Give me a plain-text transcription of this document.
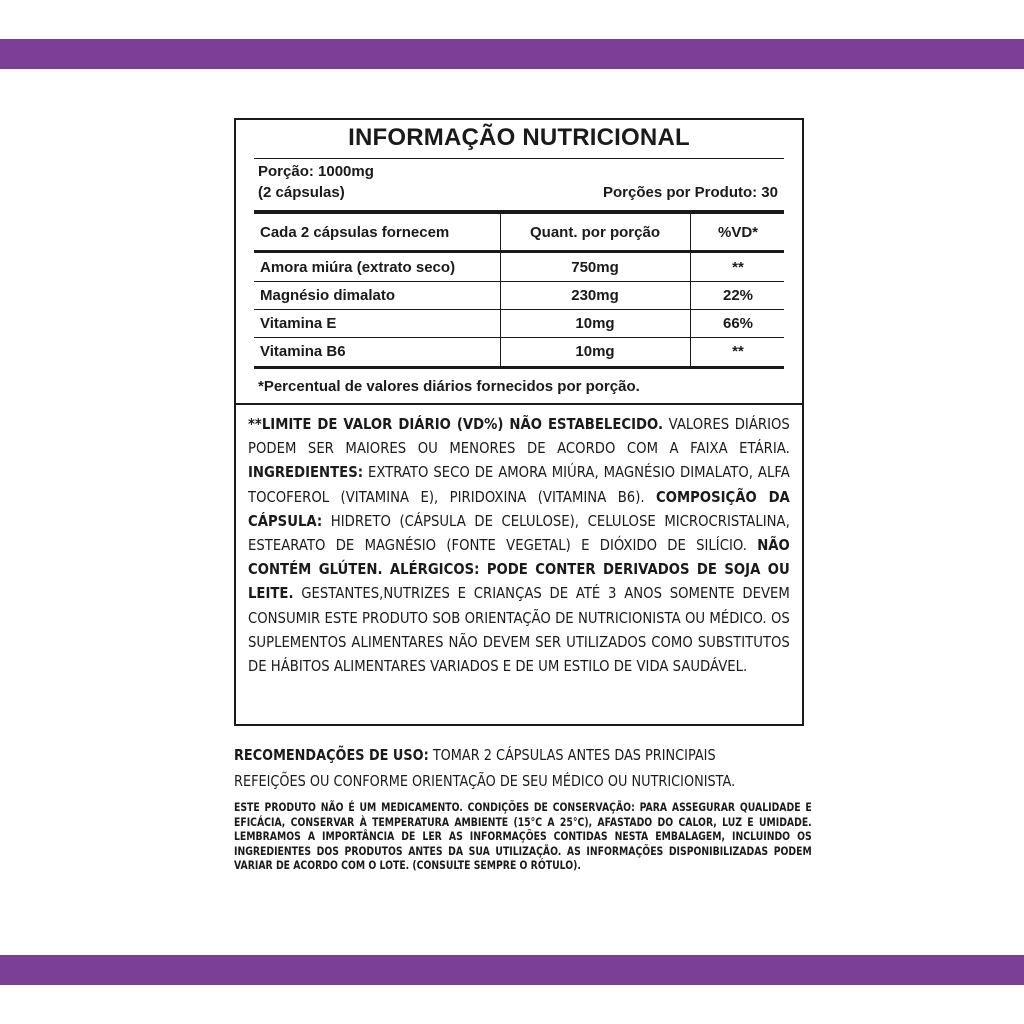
INFORMAÇÃO NUTRICIONAL
Porção: 1000mg
(2 cápsulas)	Porções por Produto: 30
Cada 2 cápsulas fornecem	Quant. por porção	%VD*
Amora miúra (extrato seco)	750mg	**
Magnésio dimalato	230mg	22%
Vitamina E	10mg	66%
Vitamina B6	10mg	**
*Percentual de valores diários fornecidos por porção.
**LIMITE DE VALOR DIÁRIO (VD%) NÃO ESTABELECIDO. VALORES DIÁRIOS PODEM SER MAIORES OU MENORES DE ACORDO COM A FAIXA ETÁRIA. INGREDIENTES: EXTRATO SECO DE AMORA MIÚRA, MAGNÉSIO DIMALATO, ALFA TOCOFEROL (VITAMINA E), PIRIDOXINA (VITAMINA B6). COMPOSIÇÃO DA CÁPSULA: HIDRETO (CÁPSULA DE CELULOSE), CELULOSE MICROCRISTALINA, ESTEARATO DE MAGNÉSIO (FONTE VEGETAL) E DIÓXIDO DE SILÍCIO. NÃO CONTÉM GLÚTEN. ALÉRGICOS: PODE CONTER DERIVADOS DE SOJA OU LEITE. GESTANTES,NUTRIZES E CRIANÇAS DE ATÉ 3 ANOS SOMENTE DEVEM CONSUMIR ESTE PRODUTO SOB ORIENTAÇÃO DE NUTRICIONISTA OU MÉDICO. OS SUPLEMENTOS ALIMENTARES NÃO DEVEM SER UTILIZADOS COMO SUBSTITUTOS DE HÁBITOS ALIMENTARES VARIADOS E DE UM ESTILO DE VIDA SAUDÁVEL.
RECOMENDAÇÕES DE USO: TOMAR 2 CÁPSULAS ANTES DAS PRINCIPAIS REFEIÇÕES OU CONFORME ORIENTAÇÃO DE SEU MÉDICO OU NUTRICIONISTA.
ESTE PRODUTO NÃO É UM MEDICAMENTO. CONDIÇÕES DE CONSERVAÇÃO: PARA ASSEGURAR QUALIDADE E EFICÁCIA, CONSERVAR À TEMPERATURA AMBIENTE (15°C A 25°C), AFASTADO DO CALOR, LUZ E UMIDADE. LEMBRAMOS A IMPORTÂNCIA DE LER AS INFORMAÇÕES CONTIDAS NESTA EMBALAGEM, INCLUINDO OS INGREDIENTES DOS PRODUTOS ANTES DA SUA UTILIZAÇÃO. AS INFORMAÇÕES DISPONIBILIZADAS PODEM VARIAR DE ACORDO COM O LOTE. (CONSULTE SEMPRE O RÓTULO).
